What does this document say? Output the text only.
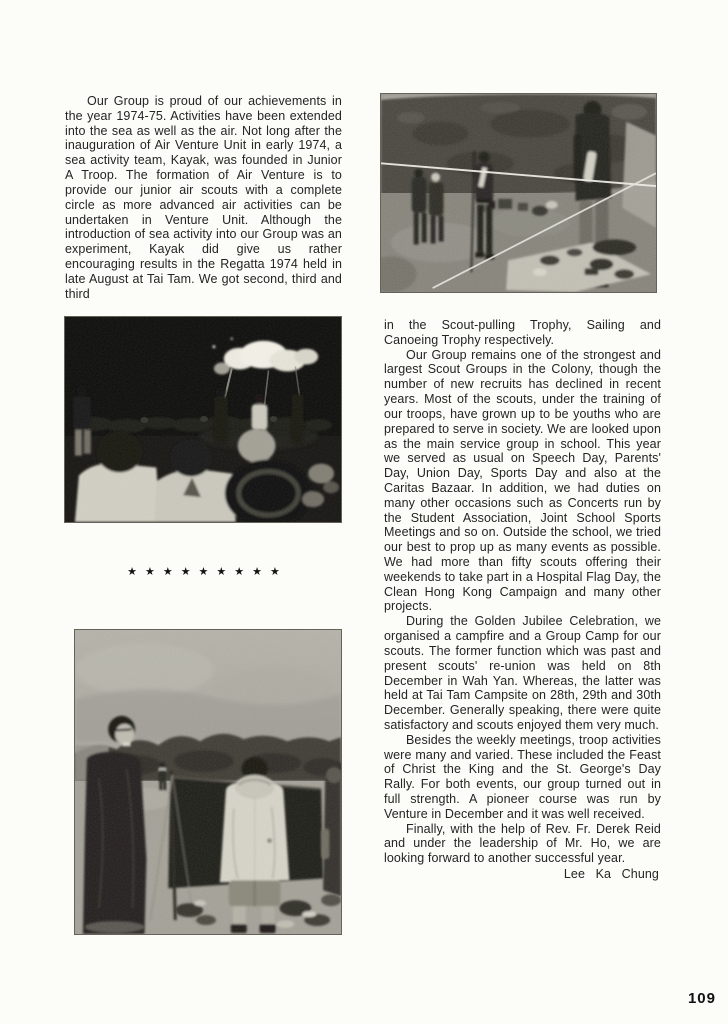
Our Group is proud of our achievements in the year 1974-75. Activities have been extended into the sea as well as the air. Not long after the inauguration of Air Venture Unit in early 1974, a sea activity team, Kayak, was founded in Junior A Troop. The formation of Air Venture is to provide our junior air scouts with a complete circle as more advanced air activities can be undertaken in Venture Unit. Although the introduction of sea activity into our Group was an experiment, Kayak did give us rather encouraging results in the Regatta 1974 held in late August at Tai Tam. We got second, third and third

★★★★★★★★★

in the Scout-pulling Trophy, Sailing and Canoeing Trophy respectively.

Our Group remains one of the strongest and largest Scout Groups in the Colony, though the number of new recruits has declined in recent years. Most of the scouts, under the training of our troops, have grown up to be youths who are prepared to serve in society. We are looked upon as the main service group in school. This year we served as usual on Speech Day, Parents' Day, Union Day, Sports Day and also at the Caritas Bazaar. In addition, we had duties on many other occasions such as Concerts run by the Student Association, Joint School Sports Meetings and so on. Outside the school, we tried our best to prop up as many events as possible. We had more than fifty scouts offering their weekends to take part in a Hospital Flag Day, the Clean Hong Kong Campaign and many other projects.

During the Golden Jubilee Celebration, we organised a campfire and a Group Camp for our scouts. The former function which was past and present scouts' re-union was held on 8th December in Wah Yan. Whereas, the latter was held at Tai Tam Campsite on 28th, 29th and 30th December. Generally speaking, there were quite satisfactory and scouts enjoyed them very much.

Besides the weekly meetings, troop activities were many and varied. These included the Feast of Christ the King and the St. George's Day Rally. For both events, our group turned out in full strength. A pioneer course was run by Venture in December and it was well received.

Finally, with the help of Rev. Fr. Derek Reid and under the leadership of Mr. Ho, we are looking forward to another successful year.

Lee Ka Chung

109
